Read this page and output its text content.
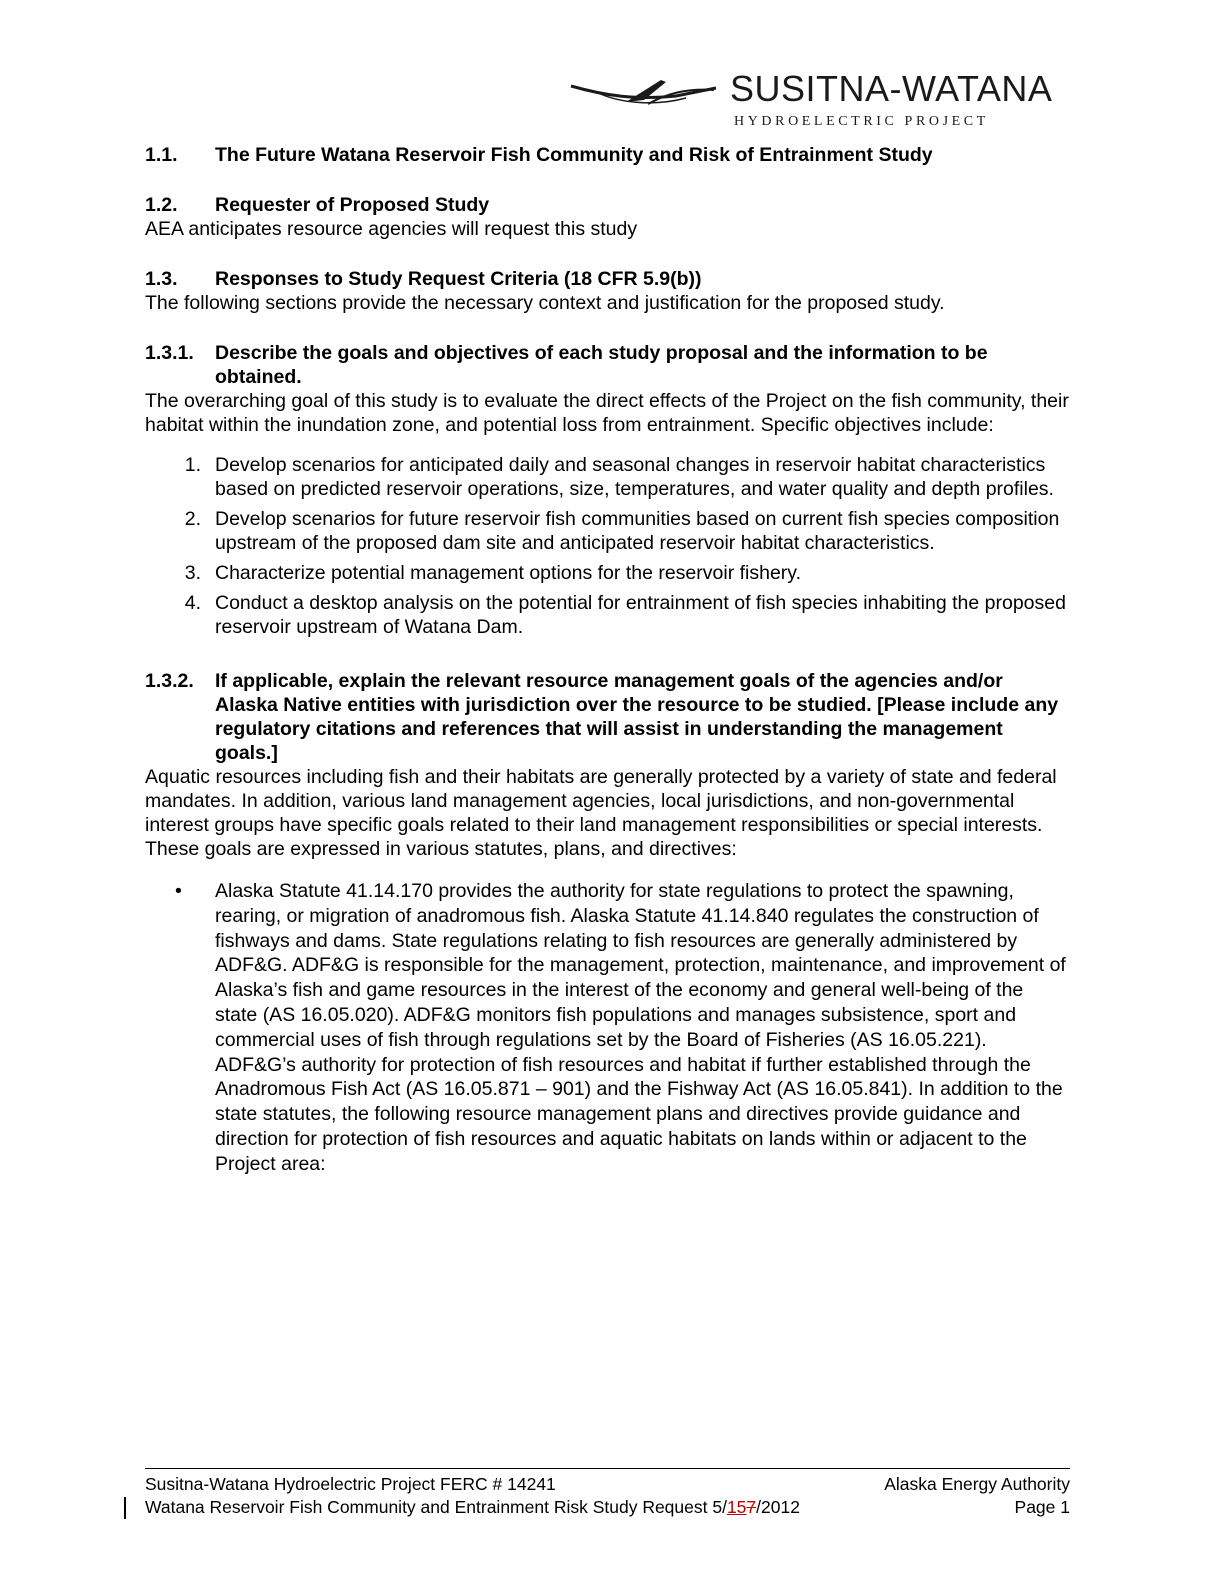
SUSITNA-WATANA
HYDROELECTRIC PROJECT
1.1.	The Future Watana Reservoir Fish Community and Risk of Entrainment Study
1.2.	Requester of Proposed Study

AEA anticipates resource agencies will request this study

1.3.	Responses to Study Request Criteria (18 CFR 5.9(b))

The following sections provide the necessary context and justification for the proposed study.

1.3.1.	Describe the goals and objectives of each study proposal and the information to be obtained.

The overarching goal of this study is to evaluate the direct effects of the Project on the fish community, their habitat within the inundation zone, and potential loss from entrainment. Specific objectives include:

1. Develop scenarios for anticipated daily and seasonal changes in reservoir habitat characteristics based on predicted reservoir operations, size, temperatures, and water quality and depth profiles.
2. Develop scenarios for future reservoir fish communities based on current fish species composition upstream of the proposed dam site and anticipated reservoir habitat characteristics.
3. Characterize potential management options for the reservoir fishery.
4. Conduct a desktop analysis on the potential for entrainment of fish species inhabiting the proposed reservoir upstream of Watana Dam.
1.3.2.	If applicable, explain the relevant resource management goals of the agencies and/or Alaska Native entities with jurisdiction over the resource to be studied. [Please include any regulatory citations and references that will assist in understanding the management goals.]

Aquatic resources including fish and their habitats are generally protected by a variety of state and federal mandates. In addition, various land management agencies, local jurisdictions, and non-governmental interest groups have specific goals related to their land management responsibilities or special interests. These goals are expressed in various statutes, plans, and directives:

•	Alaska Statute 41.14.170 provides the authority for state regulations to protect the spawning, rearing, or migration of anadromous fish. Alaska Statute 41.14.840 regulates the construction of fishways and dams. State regulations relating to fish resources are generally administered by ADF&G. ADF&G is responsible for the management, protection, maintenance, and improvement of Alaska’s fish and game resources in the interest of the economy and general well-being of the state (AS 16.05.020). ADF&G monitors fish populations and manages subsistence, sport and commercial uses of fish through regulations set by the Board of Fisheries (AS 16.05.221). ADF&G’s authority for protection of fish resources and habitat if further established through the Anadromous Fish Act (AS 16.05.871 – 901) and the Fishway Act (AS 16.05.841). In addition to the state statutes, the following resource management plans and directives provide guidance and direction for protection of fish resources and aquatic habitats on lands within or adjacent to the Project area:
Susitna-Watana Hydroelectric Project FERC # 14241	Alaska Energy Authority
Watana Reservoir Fish Community and Entrainment Risk Study Request 5/157/2012	Page 1
